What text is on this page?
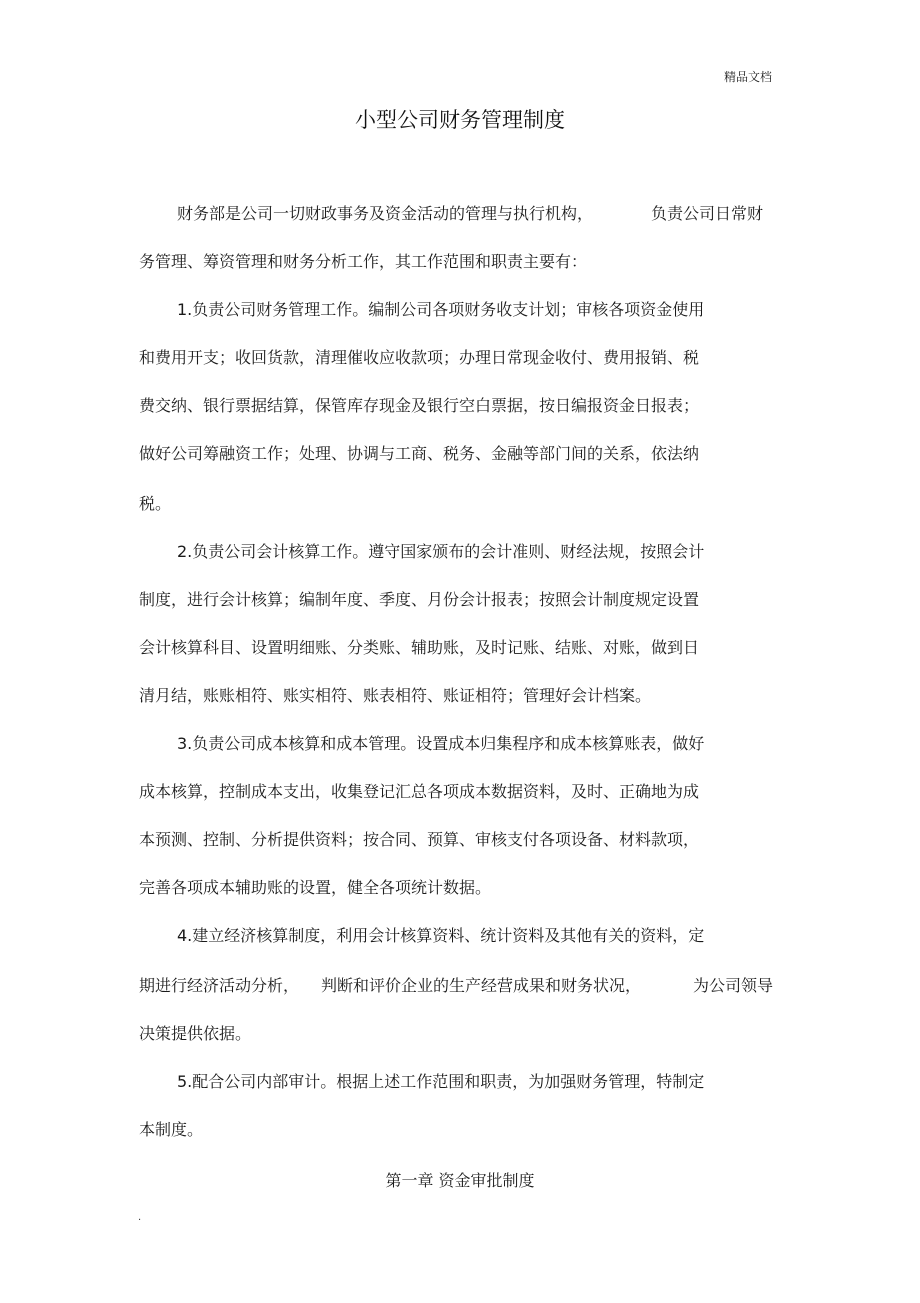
精品文档
小型公司财务管理制度
财务部是公司一切财政事务及资金活动的管理与执行机构，	负责公司日常财
务管理、筹资管理和财务分析工作，其工作范围和职责主要有：
1.负责公司财务管理工作。编制公司各项财务收支计划；审核各项资金使用
和费用开支；收回货款，清理催收应收款项；办理日常现金收付、费用报销、税
费交纳、银行票据结算，保管库存现金及银行空白票据，按日编报资金日报表；
做好公司筹融资工作；处理、协调与工商、税务、金融等部门间的关系，依法纳
税。
2.负责公司会计核算工作。遵守国家颁布的会计准则、财经法规，按照会计
制度，进行会计核算；编制年度、季度、月份会计报表；按照会计制度规定设置
会计核算科目、设置明细账、分类账、辅助账，及时记账、结账、对账，做到日
清月结，账账相符、账实相符、账表相符、账证相符；管理好会计档案。
3.负责公司成本核算和成本管理。设置成本归集程序和成本核算账表，做好
成本核算，控制成本支出，收集登记汇总各项成本数据资料，及时、正确地为成
本预测、控制、分析提供资料；按合同、预算、审核支付各项设备、材料款项，
完善各项成本辅助账的设置，健全各项统计数据。
4.建立经济核算制度，利用会计核算资料、统计资料及其他有关的资料，定
期进行经济活动分析， 判断和评价企业的生产经营成果和财务状况，	为公司领导
决策提供依据。
5.配合公司内部审计。根据上述工作范围和职责，为加强财务管理，特制定
本制度。
第一章 资金审批制度
.
